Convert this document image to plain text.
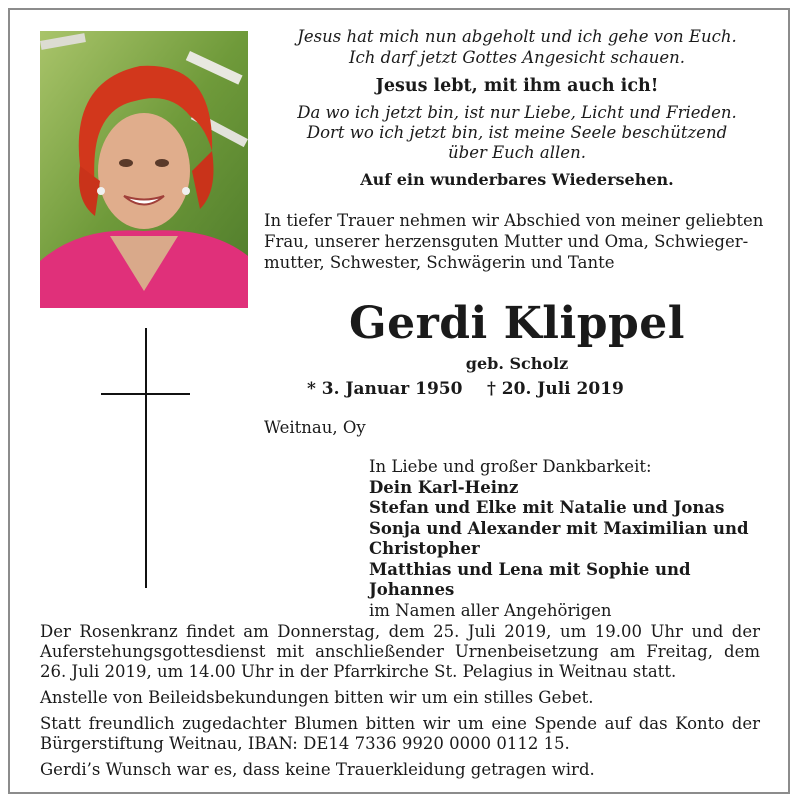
Jesus hat mich nun abgeholt und ich gehe von Euch.
Ich darf jetzt Gottes Angesicht schauen.
Jesus lebt, mit ihm auch ich!
Da wo ich jetzt bin, ist nur Liebe, Licht und Frieden.
Dort wo ich jetzt bin, ist meine Seele beschützend
über Euch allen.
Auf ein wunderbares Wiedersehen.
In tiefer Trauer nehmen wir Abschied von meiner geliebten
Frau, unserer herzensguten Mutter und Oma, Schwieger-
mutter, Schwester, Schwägerin und Tante
Gerdi Klippel
geb. Scholz
* 3. Januar 1950 † 20. Juli 2019
Weitnau, Oy
In Liebe und großer Dankbarkeit:
Dein Karl-Heinz
Stefan und Elke mit Natalie und Jonas
Sonja und Alexander mit Maximilian und
Christopher
Matthias und Lena mit Sophie und Johannes
im Namen aller Angehörigen
Der Rosenkranz findet am Donnerstag, dem 25. Juli 2019, um 19.00 Uhr und der
Auferstehungsgottesdienst mit anschließender Urnenbeisetzung am Freitag, dem
26. Juli 2019, um 14.00 Uhr in der Pfarrkirche St. Pelagius in Weitnau statt.
Anstelle von Beileidsbekundungen bitten wir um ein stilles Gebet.
Statt freundlich zugedachter Blumen bitten wir um eine Spende auf das Konto der
Bürgerstiftung Weitnau, IBAN: DE14 7336 9920 0000 0112 15.
Gerdi’s Wunsch war es, dass keine Trauerkleidung getragen wird.
